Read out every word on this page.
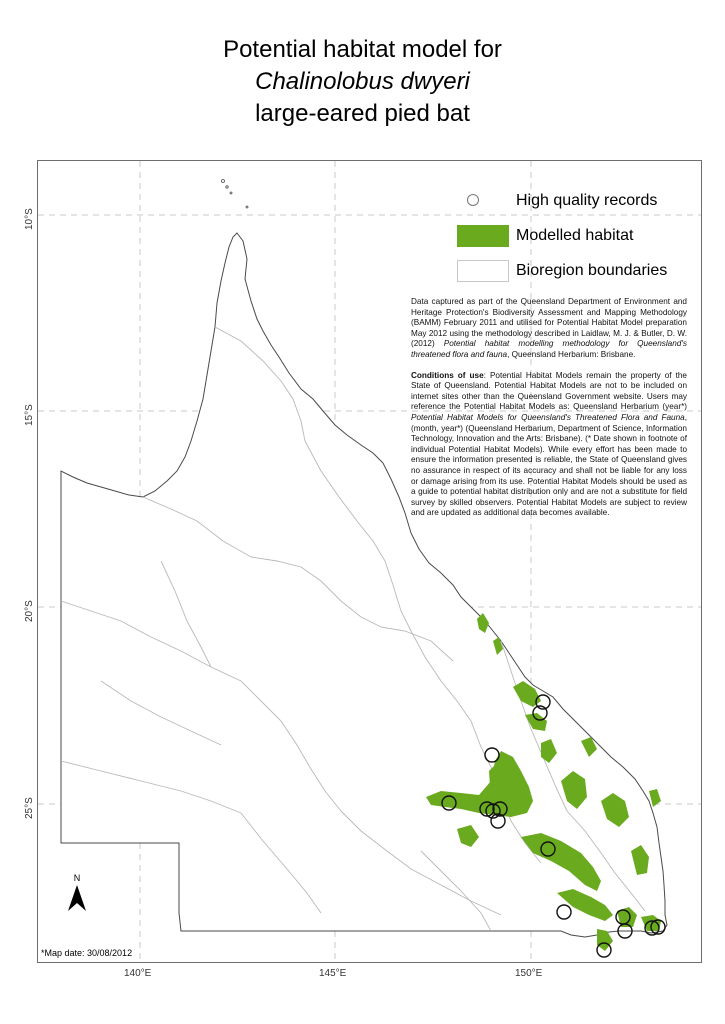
Potential habitat model for
Chalinolobus dwyeri
large-eared pied bat
140°E	145°E	150°E
10°S
15°S
20°S
25°S
High quality records
Modelled habitat
Bioregion boundaries

Data captured as part of the Queensland Department of Environment and Heritage Protection's Biodiversity Assessment and Mapping Methodology (BAMM) February 2011 and utilised for Potential Habitat Model preparation May 2012 using the methodology described in Laidlaw, M. J. & Butler, D. W. (2012) Potential habitat modelling methodology for Queensland's threatened flora and fauna, Queensland Herbarium: Brisbane.

Conditions of use: Potential Habitat Models remain the property of the State of Queensland. Potential Habitat Models are not to be included on internet sites other than the Queensland Government website. Users may reference the Potential Habitat Models as: Queensland Herbarium (year*) Potential Habitat Models for Queensland's Threatened Flora and Fauna, (month, year*) (Queensland Herbarium, Department of Science, Information Technology, Innovation and the Arts: Brisbane). (* Date shown in footnote of individual Potential Habitat Models). While every effort has been made to ensure the information presented is reliable, the State of Queensland gives no assurance in respect of its accuracy and shall not be liable for any loss or damage arising from its use. Potential Habitat Models should be used as a guide to potential habitat distribution only and are not a substitute for field survey by skilled observers. Potential Habitat Models are subject to review and are updated as additional data becomes available.

N
*Map date: 30/08/2012
